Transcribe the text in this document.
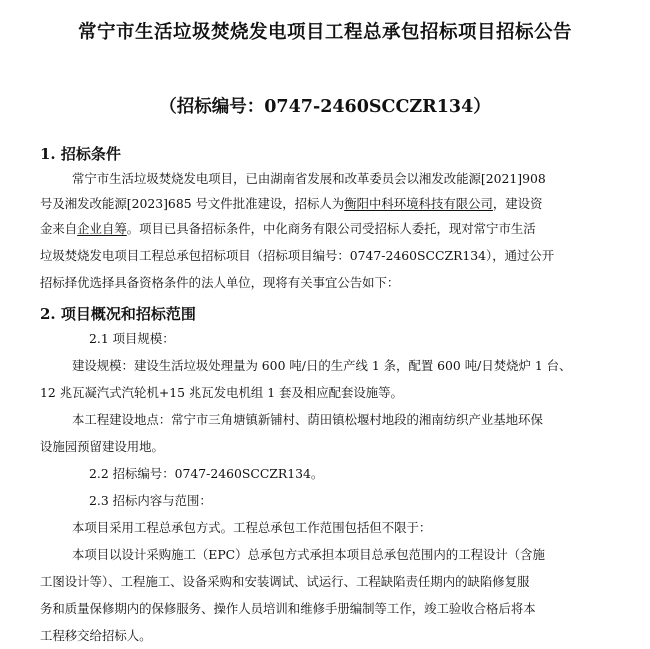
常宁市生活垃圾焚烧发电项目工程总承包招标项目招标公告
（招标编号：0747-2460SCCZR134）
1. 招标条件
常宁市生活垃圾焚烧发电项目，已由湖南省发展和改革委员会以湘发改能源[2021]908
号及湘发改能源[2023]685 号文件批准建设，招标人为衡阳中科环境科技有限公司，建设资
金来自企业自筹。项目已具备招标条件，中化商务有限公司受招标人委托，现对常宁市生活
垃圾焚烧发电项目工程总承包招标项目（招标项目编号：0747-2460SCCZR134），通过公开
招标择优选择具备资格条件的法人单位，现将有关事宜公告如下：
2. 项目概况和招标范围
2.1 项目规模：
建设规模：建设生活垃圾处理量为 600 吨/日的生产线 1 条，配置 600 吨/日焚烧炉 1 台、
12 兆瓦凝汽式汽轮机+15 兆瓦发电机组 1 套及相应配套设施等。
本工程建设地点：常宁市三角塘镇新铺村、荫田镇松堰村地段的湘南纺织产业基地环保
设施园预留建设用地。
2.2 招标编号：0747-2460SCCZR134。
2.3 招标内容与范围：
本项目采用工程总承包方式。工程总承包工作范围包括但不限于：
本项目以设计采购施工（EPC）总承包方式承担本项目总承包范围内的工程设计（含施
工图设计等）、工程施工、设备采购和安装调试、试运行、工程缺陷责任期内的缺陷修复服
务和质量保修期内的保修服务、操作人员培训和维修手册编制等工作，竣工验收合格后将本
工程移交给招标人。
